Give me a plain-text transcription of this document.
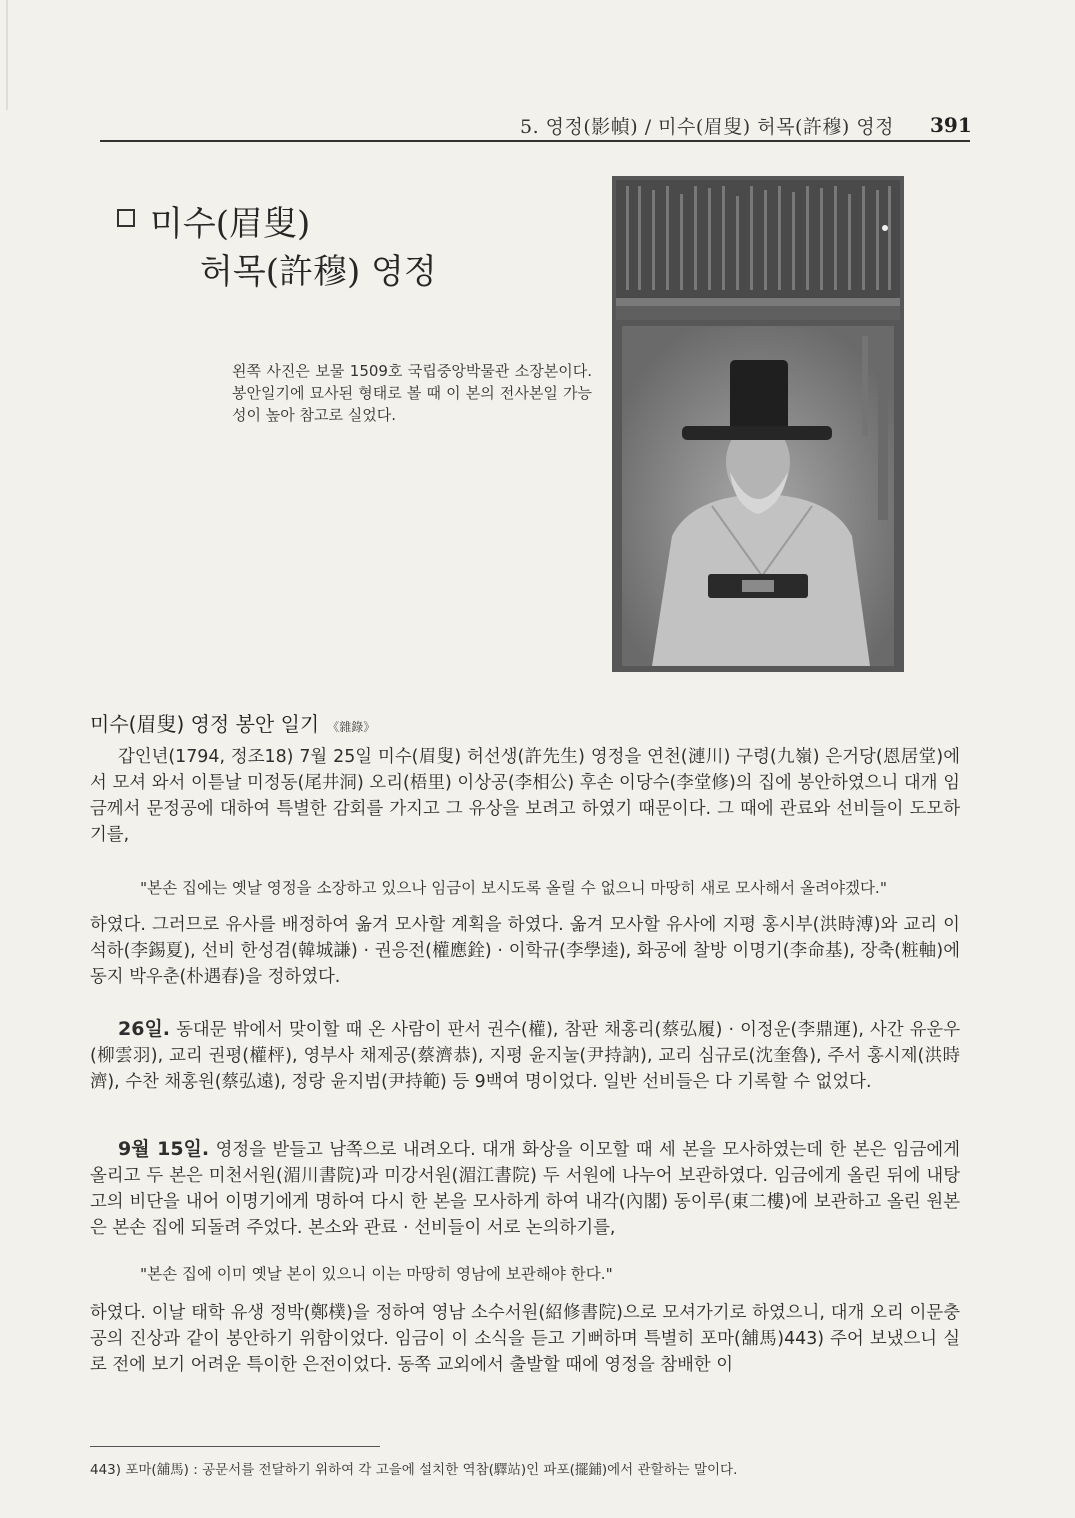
5. 영정(影幀) / 미수(眉叟) 허목(許穆) 영정	391
미수(眉叟)
허목(許穆) 영정
왼쪽 사진은 보물 1509호 국립중앙박물관 소장본이다. 봉안일기에 묘사된 형태로 볼 때 이 본의 전사본일 가능성이 높아 참고로 실었다.
미수(眉叟) 영정 봉안 일기 《雜錄》
갑인년(1794, 정조18) 7월 25일 미수(眉叟) 허선생(許先生) 영정을 연천(漣川) 구령(九嶺) 은거당(恩居堂)에서 모셔 와서 이튿날 미정동(尾井洞) 오리(梧里) 이상공(李相公) 후손 이당수(李堂修)의 집에 봉안하였으니 대개 임금께서 문정공에 대하여 특별한 감회를 가지고 그 유상을 보려고 하였기 때문이다. 그 때에 관료와 선비들이 도모하기를,
"본손 집에는 옛날 영정을 소장하고 있으나 임금이 보시도록 올릴 수 없으니 마땅히 새로 모사해서 올려야겠다."
하였다. 그러므로 유사를 배정하여 옮겨 모사할 계획을 하였다. 옮겨 모사할 유사에 지평 홍시부(洪時溥)와 교리 이석하(李錫夏), 선비 한성겸(韓城謙) · 권응전(權應銓) · 이학규(李學逵), 화공에 찰방 이명기(李命基), 장축(粧軸)에 동지 박우춘(朴遇春)을 정하였다.
26일. 동대문 밖에서 맞이할 때 온 사람이 판서 권수(權), 참판 채홍리(蔡弘履) · 이정운(李鼎運), 사간 유운우(柳雲羽), 교리 권평(權枰), 영부사 채제공(蔡濟恭), 지평 윤지눌(尹持訥), 교리 심규로(沈奎魯), 주서 홍시제(洪時濟), 수찬 채홍원(蔡弘遠), 정랑 윤지범(尹持範) 등 9백여 명이었다. 일반 선비들은 다 기록할 수 없었다.
9월 15일. 영정을 받들고 남쪽으로 내려오다. 대개 화상을 이모할 때 세 본을 모사하였는데 한 본은 임금에게 올리고 두 본은 미천서원(湄川書院)과 미강서원(湄江書院) 두 서원에 나누어 보관하였다. 임금에게 올린 뒤에 내탕고의 비단을 내어 이명기에게 명하여 다시 한 본을 모사하게 하여 내각(內閣) 동이루(東二樓)에 보관하고 올린 원본은 본손 집에 되돌려 주었다. 본소와 관료 · 선비들이 서로 논의하기를,
"본손 집에 이미 옛날 본이 있으니 이는 마땅히 영남에 보관해야 한다."
하였다. 이날 태학 유생 정박(鄭樸)을 정하여 영남 소수서원(紹修書院)으로 모셔가기로 하였으니, 대개 오리 이문충공의 진상과 같이 봉안하기 위함이었다. 임금이 이 소식을 듣고 기뻐하며 특별히 포마(舖馬)443) 주어 보냈으니 실로 전에 보기 어려운 특이한 은전이었다. 동쪽 교외에서 출발할 때에 영정을 참배한 이
443) 포마(舖馬) : 공문서를 전달하기 위하여 각 고을에 설치한 역참(驛站)인 파포(擺鋪)에서 관할하는 말이다.
